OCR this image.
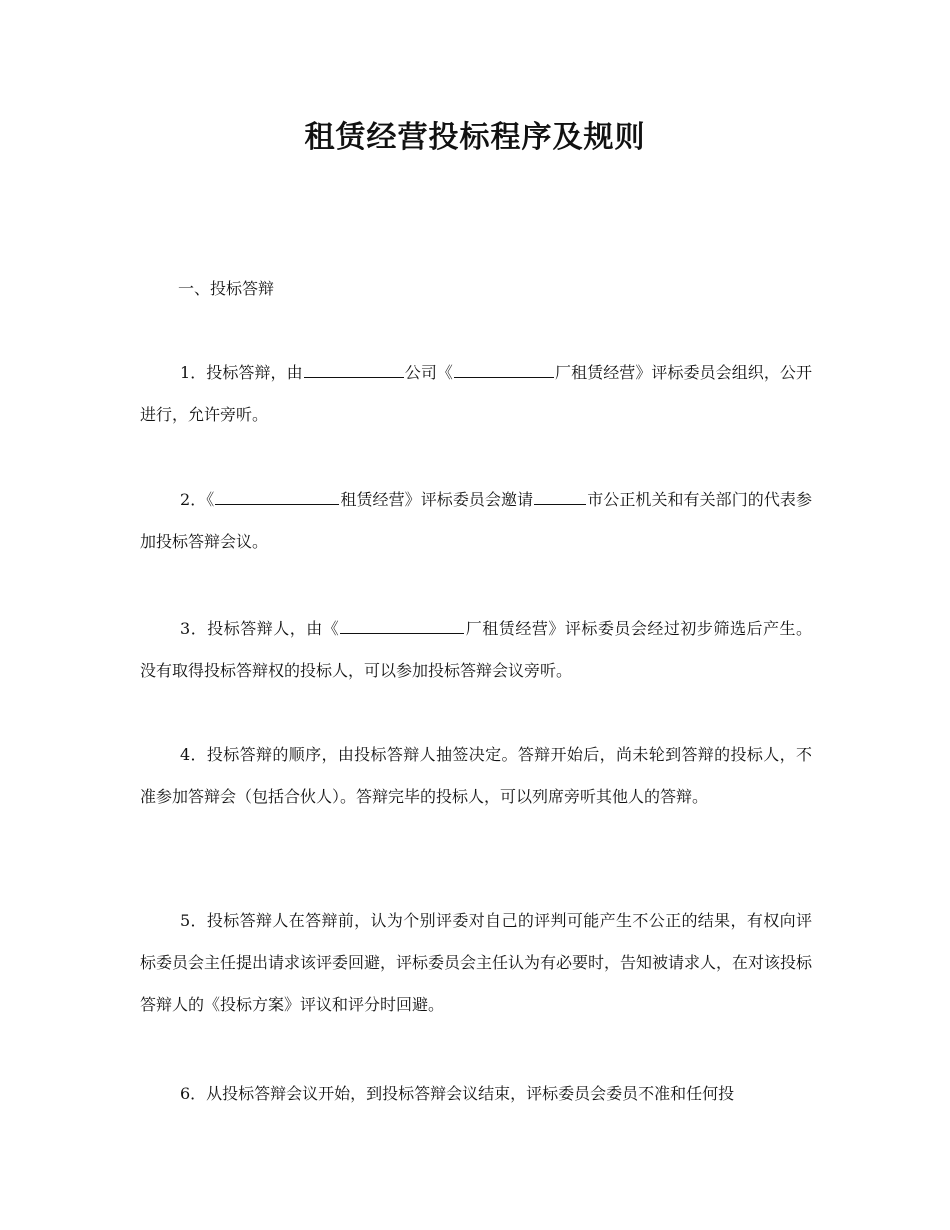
租赁经营投标程序及规则

一、投标答辩

1．投标答辩，由	公司《	厂租赁经营》评标委员会组织，公开进行，允许旁听。

2．《	租赁经营》评标委员会邀请	市公正机关和有关部门的代表参加投标答辩会议。

3．投标答辩人，由《	厂租赁经营》评标委员会经过初步筛选后产生。没有取得投标答辩权的投标人，可以参加投标答辩会议旁听。

4．投标答辩的顺序，由投标答辩人抽签决定。答辩开始后，尚未轮到答辩的投标人，不准参加答辩会（包括合伙人）。答辩完毕的投标人，可以列席旁听其他人的答辩。

5．投标答辩人在答辩前，认为个别评委对自己的评判可能产生不公正的结果，有权向评标委员会主任提出请求该评委回避，评标委员会主任认为有必要时，告知被请求人，在对该投标答辩人的《投标方案》评议和评分时回避。

6．从投标答辩会议开始，到投标答辩会议结束，评标委员会委员不准和任何投
